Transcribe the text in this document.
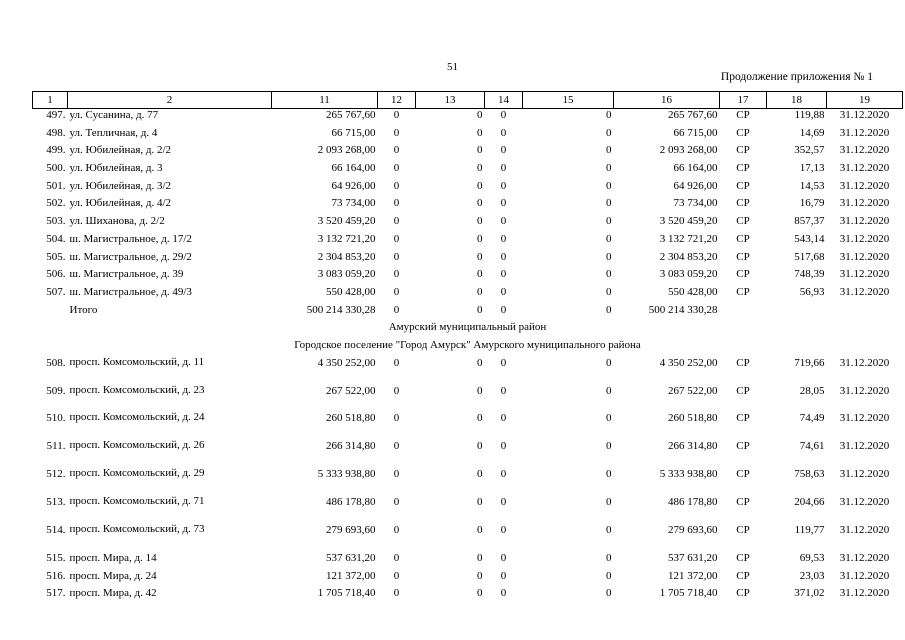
51
Продолжение приложения № 1
1	2	11	12	13	14	15	16	17	18	19
497.	ул. Сусанина, д. 77	265 767,60	0	0	0	0	265 767,60	СР	119,88	31.12.2020
498.	ул. Тепличная, д. 4	66 715,00	0	0	0	0	66 715,00	СР	14,69	31.12.2020
499.	ул. Юбилейная, д. 2/2	2 093 268,00	0	0	0	0	2 093 268,00	СР	352,57	31.12.2020
500.	ул. Юбилейная, д. 3	66 164,00	0	0	0	0	66 164,00	СР	17,13	31.12.2020
501.	ул. Юбилейная, д. 3/2	64 926,00	0	0	0	0	64 926,00	СР	14,53	31.12.2020
502.	ул. Юбилейная, д. 4/2	73 734,00	0	0	0	0	73 734,00	СР	16,79	31.12.2020
503.	ул. Шиханова, д. 2/2	3 520 459,20	0	0	0	0	3 520 459,20	СР	857,37	31.12.2020
504.	ш. Магистральное, д. 17/2	3 132 721,20	0	0	0	0	3 132 721,20	СР	543,14	31.12.2020
505.	ш. Магистральное, д. 29/2	2 304 853,20	0	0	0	0	2 304 853,20	СР	517,68	31.12.2020
506.	ш. Магистральное, д. 39	3 083 059,20	0	0	0	0	3 083 059,20	СР	748,39	31.12.2020
507.	ш. Магистральное, д. 49/3	550 428,00	0	0	0	0	550 428,00	СР	56,93	31.12.2020
	Итого	500 214 330,28	0	0	0	0	500 214 330,28			
Амурский муниципальный район										
Городское поселение "Город Амурск" Амурского муниципального района										
508.	просп. Комсомольский, д. 11	4 350 252,00	0	0	0	0	4 350 252,00	СР	719,66	31.12.2020
509.	просп. Комсомольский, д. 23	267 522,00	0	0	0	0	267 522,00	СР	28,05	31.12.2020
510.	просп. Комсомольский, д. 24	260 518,80	0	0	0	0	260 518,80	СР	74,49	31.12.2020
511.	просп. Комсомольский, д. 26	266 314,80	0	0	0	0	266 314,80	СР	74,61	31.12.2020
512.	просп. Комсомольский, д. 29	5 333 938,80	0	0	0	0	5 333 938,80	СР	758,63	31.12.2020
513.	просп. Комсомольский, д. 71	486 178,80	0	0	0	0	486 178,80	СР	204,66	31.12.2020
514.	просп. Комсомольский, д. 73	279 693,60	0	0	0	0	279 693,60	СР	119,77	31.12.2020
515.	просп. Мира, д. 14	537 631,20	0	0	0	0	537 631,20	СР	69,53	31.12.2020
516.	просп. Мира, д. 24	121 372,00	0	0	0	0	121 372,00	СР	23,03	31.12.2020
517.	просп. Мира, д. 42	1 705 718,40	0	0	0	0	1 705 718,40	СР	371,02	31.12.2020
